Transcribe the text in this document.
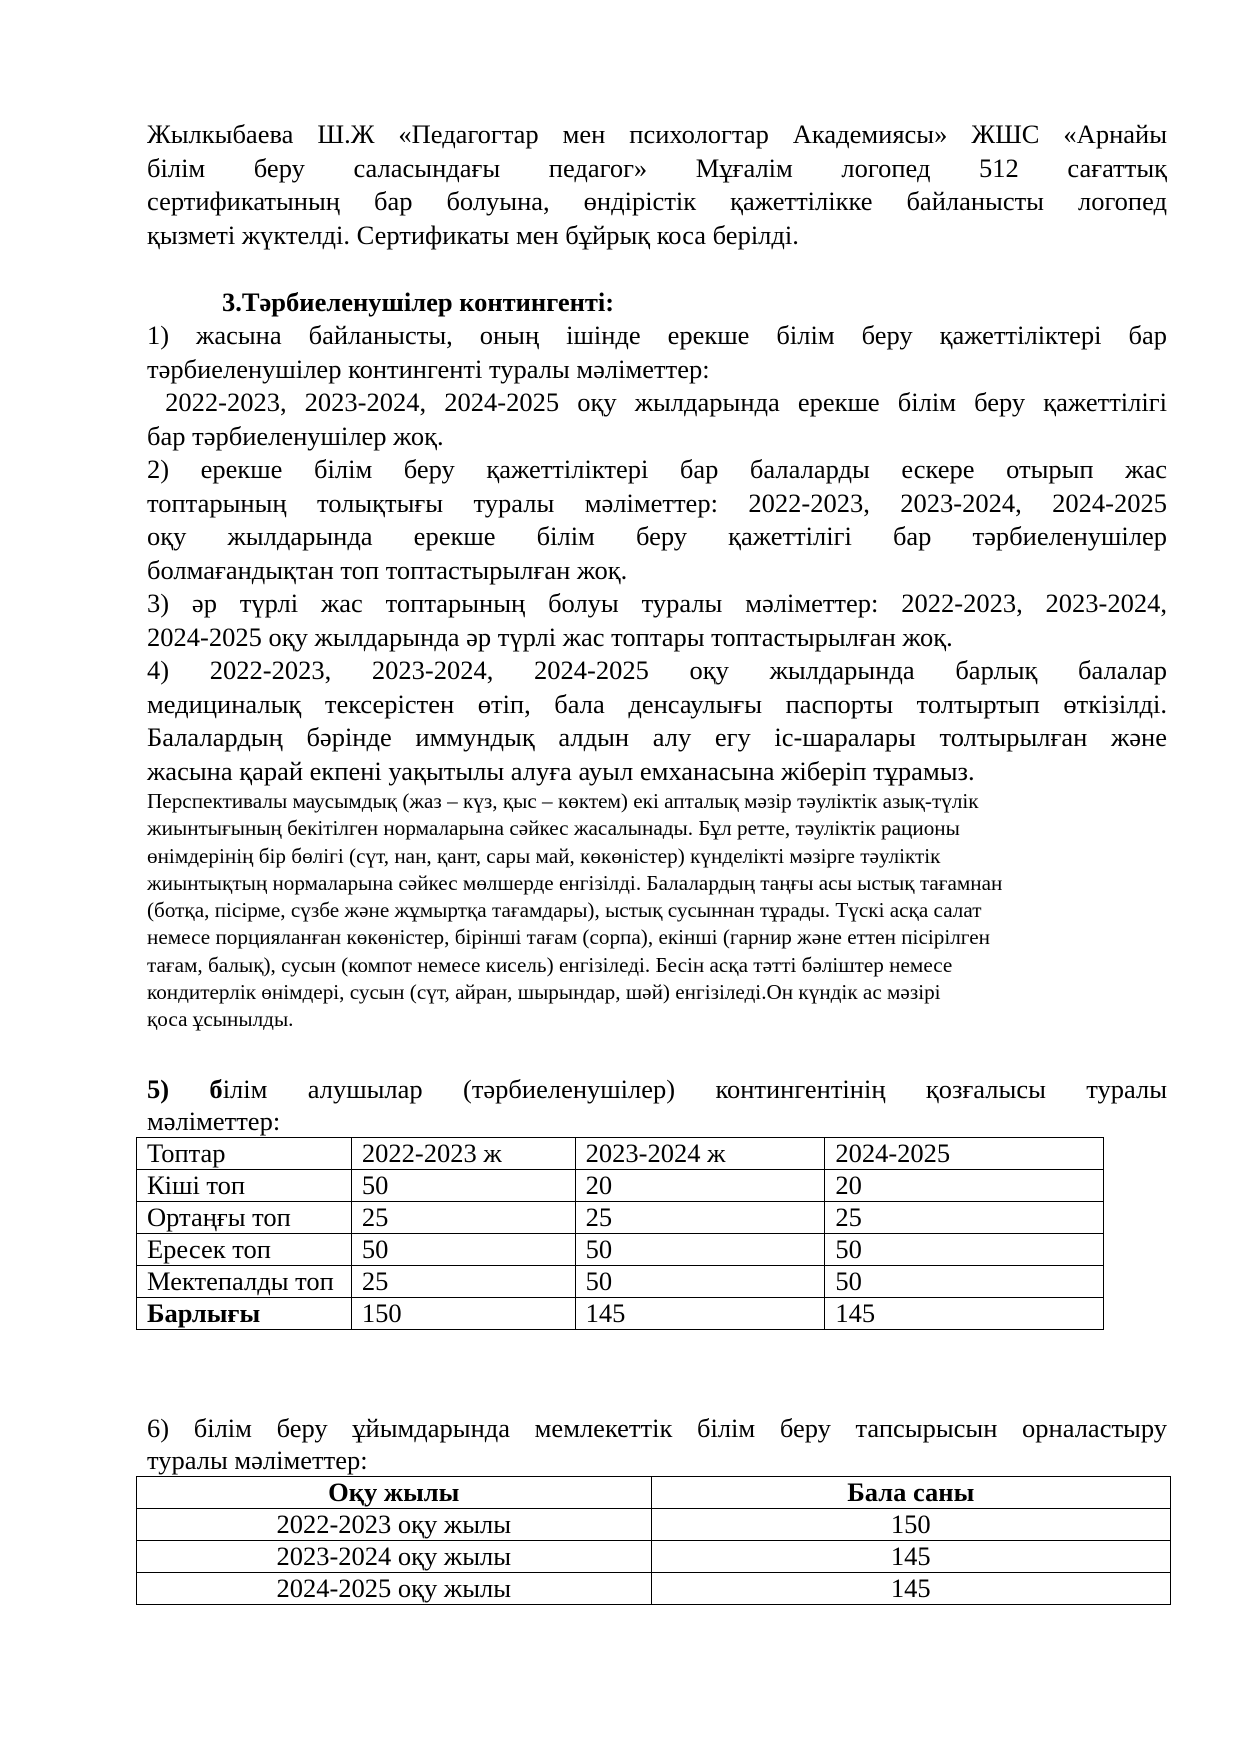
Жылкыбаева Ш.Ж «Педагогтар мен психологтар Академиясы» ЖШС «Арнайы
білім беру саласындағы педагог» Мұғалім логопед 512 сағаттық
сертификатының бар болуына, өндірістік қажеттілікке байланысты логопед
қызметі жүктелді. Сертификаты мен бұйрық коса берілді.
3.Тәрбиеленушілер контингенті:
1) жасына байланысты, оның ішінде ерекше білім беру қажеттіліктері бар
тәрбиеленушілер контингенті туралы мәліметтер:
2022-2023, 2023-2024, 2024-2025 оқу жылдарында ерекше білім беру қажеттілігі
бар тәрбиеленушілер жоқ.
2) ерекше білім беру қажеттіліктері бар балаларды ескере отырып жас
топтарының толықтығы туралы мәліметтер: 2022-2023, 2023-2024, 2024-2025
оқу жылдарында ерекше білім беру қажеттілігі бар тәрбиеленушілер
болмағандықтан топ топтастырылған жоқ.
3) әр түрлі жас топтарының болуы туралы мәліметтер: 2022-2023, 2023-2024,
2024-2025 оқу жылдарында әр түрлі жас топтары топтастырылған жоқ.
4) 2022-2023, 2023-2024, 2024-2025 оқу жылдарында барлық балалар
медициналық тексерістен өтіп, бала денсаулығы паспорты толтыртып өткізілді.
Балалардың бәрінде иммундық алдын алу егу іс-шаралары толтырылған және
жасына қарай екпені уақытылы алуға ауыл емханасына жіберіп тұрамыз.
Перспективалы маусымдық (жаз – күз, қыс – көктем) екі апталық мәзір тәуліктік азық-түлік
жиынтығының бекітілген нормаларына сәйкес жасалынады. Бұл ретте, тәуліктік рационы
өнімдерінің бір бөлігі (сүт, нан, қант, сары май, көкөністер) күнделікті мәзірге тәуліктік
жиынтықтың нормаларына сәйкес мөлшерде енгізілді. Балалардың таңғы асы ыстық тағамнан
(ботқа, пісірме, сүзбе және жұмыртқа тағамдары), ыстық сусыннан тұрады. Түскі асқа салат
немесе порцияланған көкөністер, бірінші тағам (сорпа), екінші (гарнир және еттен пісірілген
тағам, балық), сусын (компот немесе кисель) енгізіледі. Бесін асқа тәтті бәліштер немесе
кондитерлік өнімдері, сусын (сүт, айран, шырындар, шәй) енгізіледі.Он күндік ас мәзірі
қоса ұсынылды.
5) білім алушылар (тәрбиеленушілер) контингентінің қозғалысы туралы
мәліметтер:
Топтар	2022-2023 ж	2023-2024 ж	2024-2025
Кіші топ	50	20	20
Ортаңғы топ	25	25	25
Ересек топ	50	50	50
Мектепалды топ	25	50	50
Барлығы	150	145	145
6) білім беру ұйымдарында мемлекеттік білім беру тапсырысын орналастыру
туралы мәліметтер:
Оқу жылы	Бала саны
2022-2023 оқу жылы	150
2023-2024 оқу жылы	145
2024-2025 оқу жылы	145
